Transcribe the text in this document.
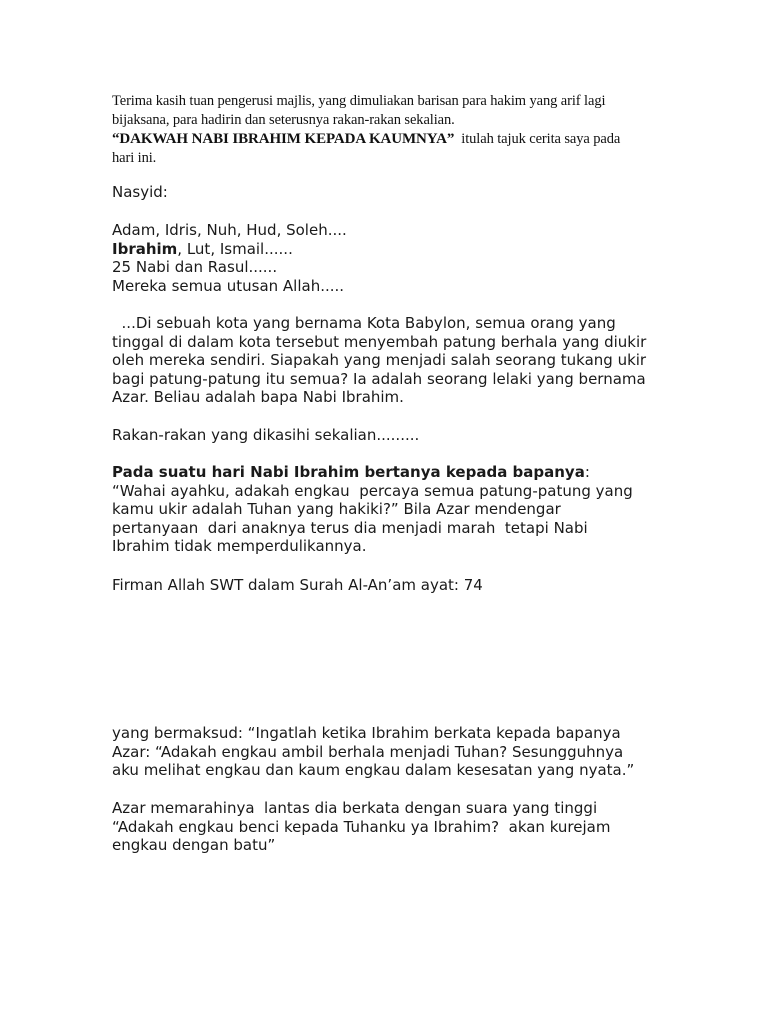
Terima kasih tuan pengerusi majlis, yang dimuliakan barisan para hakim yang arif lagi

bijaksana, para hadirin dan seterusnya rakan-rakan sekalian.

“DAKWAH NABI IBRAHIM KEPADA KAUMNYA”  itulah tajuk cerita saya pada

hari ini.

Nasyid:

Adam, Idris, Nuh, Hud, Soleh....

Ibrahim, Lut, Ismail......

25 Nabi dan Rasul......

Mereka semua utusan Allah.....

...Di sebuah kota yang bernama Kota Babylon, semua orang yang
tinggal di dalam kota tersebut menyembah patung berhala yang diukir
oleh mereka sendiri. Siapakah yang menjadi salah seorang tukang ukir
bagi patung-patung itu semua? Ia adalah seorang lelaki yang bernama
Azar. Beliau adalah bapa Nabi Ibrahim.

Rakan-rakan yang dikasihi sekalian.........

Pada suatu hari Nabi Ibrahim bertanya kepada bapanya:

“Wahai ayahku, adakah engkau  percaya semua patung-patung yang
kamu ukir adalah Tuhan yang hakiki?” Bila Azar mendengar
pertanyaan  dari anaknya terus dia menjadi marah  tetapi Nabi
Ibrahim tidak memperdulikannya.

Firman Allah SWT dalam Surah Al-An’am ayat: 74

yang bermaksud: “Ingatlah ketika Ibrahim berkata kepada bapanya
Azar: “Adakah engkau ambil berhala menjadi Tuhan? Sesungguhnya
aku melihat engkau dan kaum engkau dalam kesesatan yang nyata.”
Azar memarahinya  lantas dia berkata dengan suara yang tinggi
“Adakah engkau benci kepada Tuhanku ya Ibrahim?  akan kurejam
engkau dengan batu”
